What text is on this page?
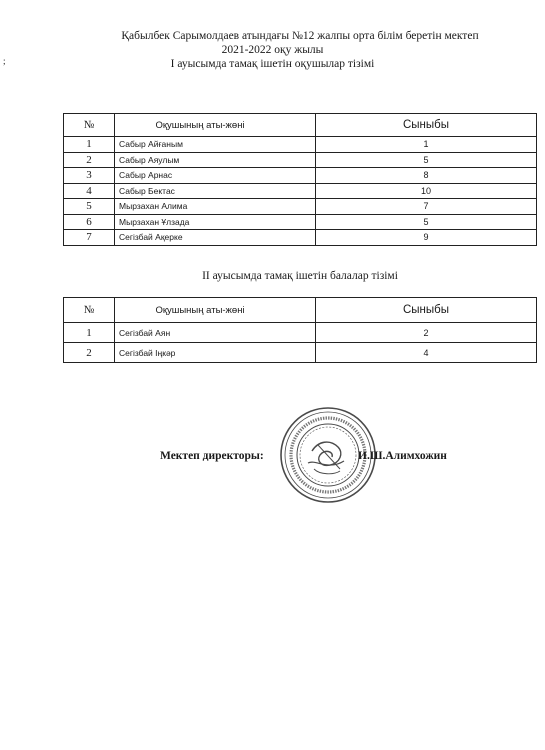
Қабылбек Сарымолдаев атындағы №12 жалпы орта білім беретін мектеп
2021-2022 оқу жылы
І ауысымда тамақ ішетін оқушылар тізімі
;
№	Оқушының аты-жөні	Сыныбы
1	Сабыр Айғаным	1
2	Сабыр Аяулым	5
3	Сабыр Арнас	8
4	Сабыр Бектас	10
5	Мырзахан Алима	7
6	Мырзахан Ұлзада	5
7	Сегізбай Ақерке	9
ІІ ауысымда тамақ ішетін балалар тізімі
№	Оқушының аты-жөні	Сыныбы
1	Сегізбай Аян	2
2	Сегізбай Іңкәр	4
Мектеп директоры:	И.Ш.Алимхожин
